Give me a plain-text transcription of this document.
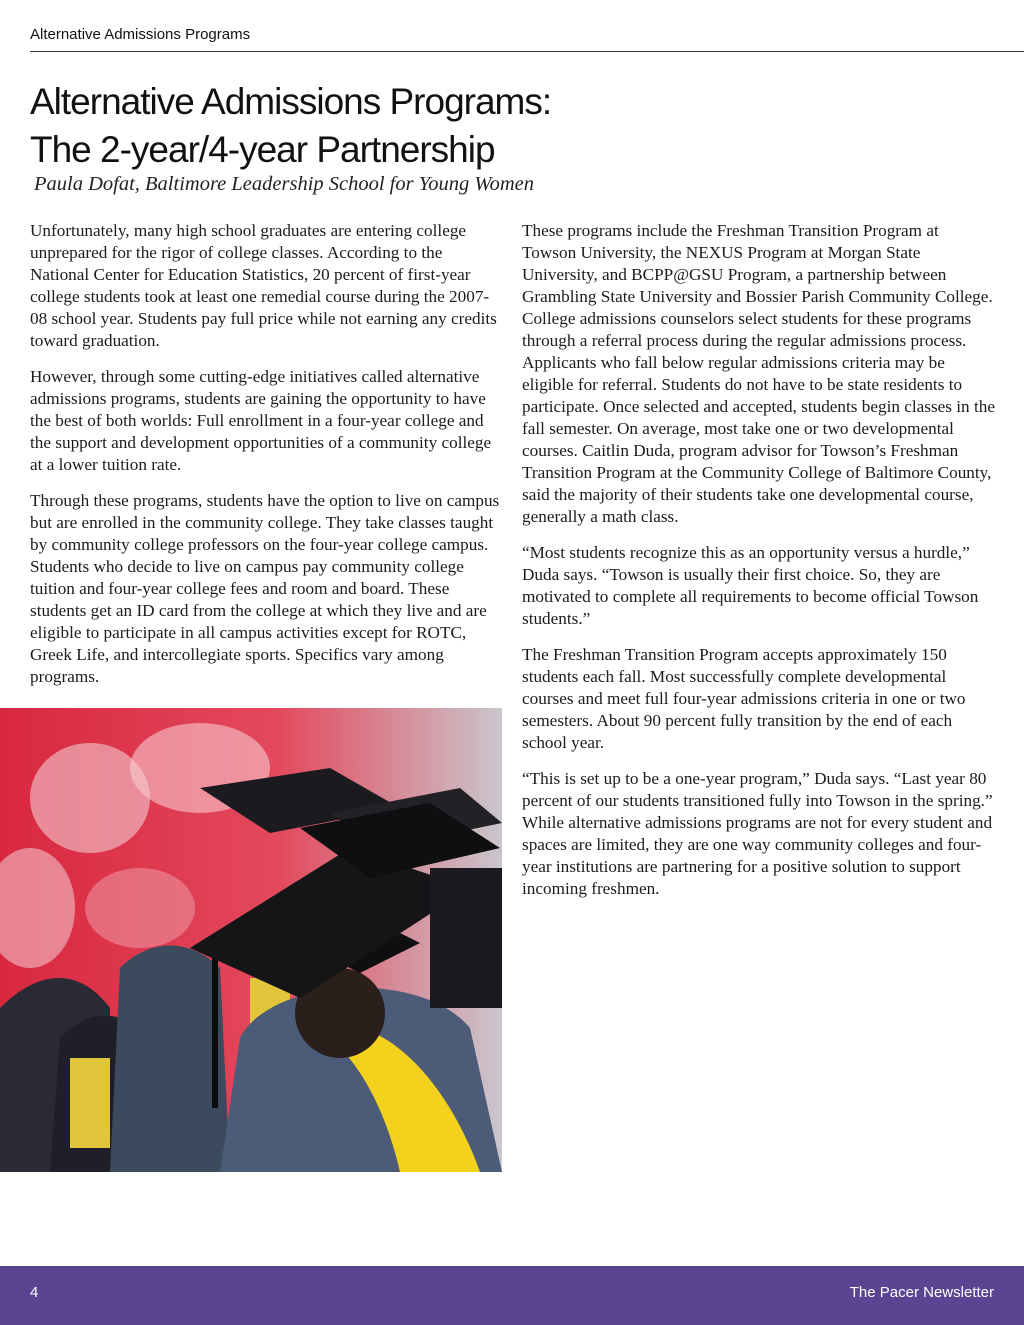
Alternative Admissions Programs
Alternative Admissions Programs:
The 2-year/4-year Partnership
Paula Dofat, Baltimore Leadership School for Young Women

Unfortunately, many high school graduates are entering college unprepared for the rigor of college classes. According to the National Center for Education Statistics, 20 percent of first-year college students took at least one remedial course during the 2007-08 school year. Students pay full price while not earning any credits toward graduation.

However, through some cutting-edge initiatives called alternative admissions programs, students are gaining the opportunity to have the best of both worlds: Full enrollment in a four-year college and the support and development opportunities of a community college at a lower tuition rate.

Through these programs, students have the option to live on campus but are enrolled in the community college. They take classes taught by community college professors on the four-year college campus. Students who decide to live on campus pay community college tuition and four-year college fees and room and board. These students get an ID card from the college at which they live and are eligible to participate in all campus activities except for ROTC, Greek Life, and intercollegiate sports. Specifics vary among programs.

These programs include the Freshman Transition Program at Towson University, the NEXUS Program at Morgan State University, and BCPP@GSU Program, a partnership between Grambling State University and Bossier Parish Community College. College admissions counselors select students for these programs through a referral process during the regular admissions process. Applicants who fall below regular admissions criteria may be eligible for referral. Students do not have to be state residents to participate. Once selected and accepted, students begin classes in the fall semester. On average, most take one or two developmental courses. Caitlin Duda, program advisor for Towson’s Freshman Transition Program at the Community College of Baltimore County, said the majority of their students take one developmental course, generally a math class.

“Most students recognize this as an opportunity versus a hurdle,” Duda says. “Towson is usually their first choice. So, they are motivated to complete all requirements to become official Towson students.”

The Freshman Transition Program accepts approximately 150 students each fall. Most successfully complete developmental courses and meet full four-year admissions criteria in one or two semesters. About 90 percent fully transition by the end of each school year.

“This is set up to be a one-year program,” Duda says. “Last year 80 percent of our students transitioned fully into Towson in the spring.” While alternative admissions programs are not for every student and spaces are limited, they are one way community colleges and four-year institutions are partnering for a positive solution to support incoming freshmen.

4	The Pacer Newsletter
